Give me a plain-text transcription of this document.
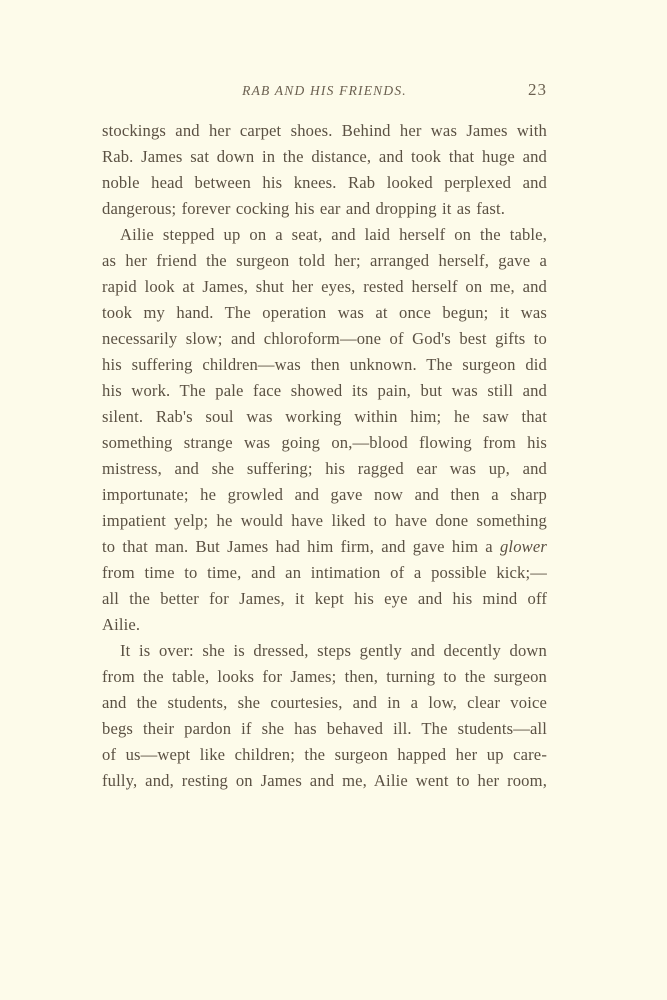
RAB AND HIS FRIENDS.	23
stockings and her carpet shoes. Behind her was James with
Rab. James sat down in the distance, and took that huge and
noble head between his knees. Rab looked perplexed and
dangerous; forever cocking his ear and dropping it as fast.
Ailie stepped up on a seat, and laid herself on the table,
as her friend the surgeon told her; arranged herself, gave a
rapid look at James, shut her eyes, rested herself on me, and
took my hand. The operation was at once begun; it was
necessarily slow; and chloroform—one of God's best gifts to
his suffering children—was then unknown. The surgeon did
his work. The pale face showed its pain, but was still and
silent. Rab's soul was working within him; he saw that
something strange was going on,—blood flowing from his
mistress, and she suffering; his ragged ear was up, and
importunate; he growled and gave now and then a sharp
impatient yelp; he would have liked to have done something
to that man. But James had him firm, and gave him a glower
from time to time, and an intimation of a possible kick;—
all the better for James, it kept his eye and his mind off
Ailie.
It is over: she is dressed, steps gently and decently down
from the table, looks for James; then, turning to the surgeon
and the students, she courtesies, and in a low, clear voice
begs their pardon if she has behaved ill. The students—all
of us—wept like children; the surgeon happed her up care-
fully, and, resting on James and me, Ailie went to her room,
